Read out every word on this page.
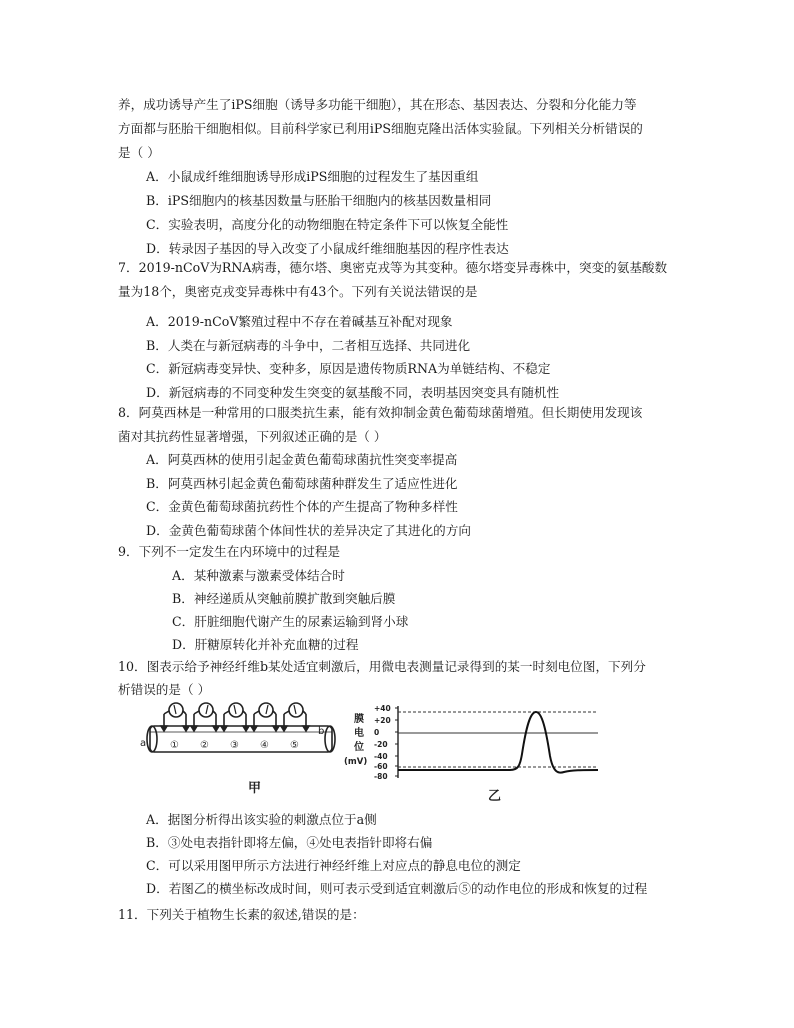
养，成功诱导产生了iPS细胞（诱导多功能干细胞），其在形态、基因表达、分裂和分化能力等
方面都与胚胎干细胞相似。目前科学家已利用iPS细胞克隆出活体实验鼠。下列相关分析错误的
是（ ）
A．小鼠成纤维细胞诱导形成iPS细胞的过程发生了基因重组
B．iPS细胞内的核基因数量与胚胎干细胞内的核基因数量相同
C．实验表明，高度分化的动物细胞在特定条件下可以恢复全能性
D．转录因子基因的导入改变了小鼠成纤维细胞基因的程序性表达
7．2019-nCoV为RNA病毒，德尔塔、奥密克戎等为其变种。德尔塔变异毒株中，突变的氨基酸数
量为18个，奥密克戎变异毒株中有43个。下列有关说法错误的是
A．2019-nCoV繁殖过程中不存在着碱基互补配对现象
B．人类在与新冠病毒的斗争中，二者相互选择、共同进化
C．新冠病毒变异快、变种多，原因是遗传物质RNA为单链结构、不稳定
D．新冠病毒的不同变种发生突变的氨基酸不同，表明基因突变具有随机性
8．阿莫西林是一种常用的口服类抗生素，能有效抑制金黄色葡萄球菌增殖。但长期使用发现该
菌对其抗药性显著增强，下列叙述正确的是（ ）
A．阿莫西林的使用引起金黄色葡萄球菌抗性突变率提高
B．阿莫西林引起金黄色葡萄球菌种群发生了适应性进化
C．金黄色葡萄球菌抗药性个体的产生提高了物种多样性
D．金黄色葡萄球菌个体间性状的差异决定了其进化的方向
9．下列不一定发生在内环境中的过程是
A．某种激素与激素受体结合时
B．神经递质从突触前膜扩散到突触后膜
C．肝脏细胞代谢产生的尿素运输到肾小球
D．肝糖原转化并补充血糖的过程
10．图表示给予神经纤维b某处适宜刺激后，用微电表测量记录得到的某一时刻电位图，下列分
析错误的是（ ）
a
b
① ② ③ ④ ⑤
甲
膜
电
位
(mV)
+40
+20
0
-20
-40
-60
-80
乙
A．据图分析得出该实验的刺激点位于a侧
B．③处电表指针即将左偏，④处电表指针即将右偏
C．可以采用图甲所示方法进行神经纤维上对应点的静息电位的测定
D．若图乙的横坐标改成时间，则可表示受到适宜刺激后⑤的动作电位的形成和恢复的过程
11．下列关于植物生长素的叙述,错误的是：
